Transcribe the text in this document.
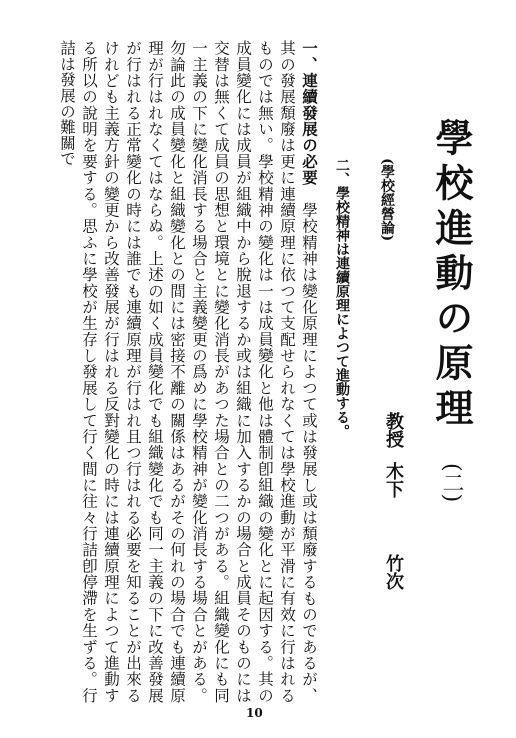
學校進動の原理 (二)
(學校經營論)
教授木下竹次
二、學校精神は連續原理によつて進動する。

一、連續發展の必要　學校精神は變化原理によつて或は發展し或は頽廢するものであるが、其の發展頽廢は更に連續原理に依つて支配せられなくては學校進動が平滑に有效に行はれるものでは無い。學校精神の變化は一は成員變化と他は體制卽組織の變化とに起因する。其の成員變化には成員が組織中から脫退するか或は組織に加入するかの場合と成員そのものには交替は無くて成員の思想と環境とに變化消長があつた場合との二つがある。組織變化にも同一主義の下に變化消長する場合と主義變更の爲めに學校精神が變化消長する場合とがある。勿論此の成員變化と組織變化との間には密接不離の關係はあるがその何れの場合でも連續原理が行はれなくてはならぬ。上述の如く成員變化でも組織變化でも同一主義の下に改善發展が行はれる正常變化の時には誰でも連續原理が行はれ且つ行はれる必要を知ることが出來るけれども主義方針の變更から改善發展が行はれる反對變化の時には連續原理によつて進動する所以の說明を要する。思ふに學校が生存し發展して行く間に往々行詰卽停滯を生ずる。行詰は發展の難關で

10
